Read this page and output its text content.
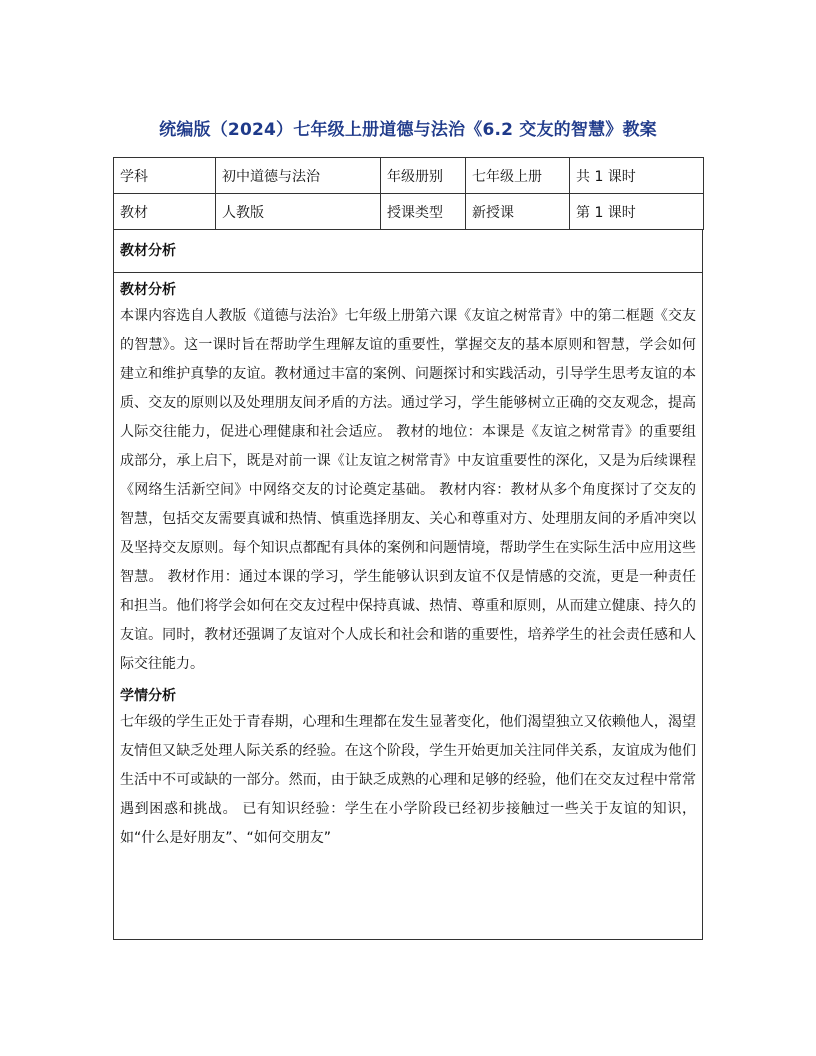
统编版（2024）七年级上册道德与法治《6.2 交友的智慧》教案
学科	初中道德与法治	年级册别	七年级上册	共 1 课时
教材	人教版	授课类型	新授课	第 1 课时
教材分析
教材分析
本课内容选自人教版《道德与法治》七年级上册第六课《友谊之树常青》中的第二框题《交友的智慧》。这一课时旨在帮助学生理解友谊的重要性，掌握交友的基本原则和智慧，学会如何建立和维护真挚的友谊。教材通过丰富的案例、问题探讨和实践活动，引导学生思考友谊的本质、交友的原则以及处理朋友间矛盾的方法。通过学习，学生能够树立正确的交友观念，提高人际交往能力，促进心理健康和社会适应。 教材的地位：本课是《友谊之树常青》的重要组成部分，承上启下，既是对前一课《让友谊之树常青》中友谊重要性的深化，又是为后续课程《网络生活新空间》中网络交友的讨论奠定基础。 教材内容：教材从多个角度探讨了交友的智慧，包括交友需要真诚和热情、慎重选择朋友、关心和尊重对方、处理朋友间的矛盾冲突以及坚持交友原则。每个知识点都配有具体的案例和问题情境，帮助学生在实际生活中应用这些智慧。 教材作用：通过本课的学习，学生能够认识到友谊不仅是情感的交流，更是一种责任和担当。他们将学会如何在交友过程中保持真诚、热情、尊重和原则，从而建立健康、持久的友谊。同时，教材还强调了友谊对个人成长和社会和谐的重要性，培养学生的社会责任感和人际交往能力。
学情分析
七年级的学生正处于青春期，心理和生理都在发生显著变化，他们渴望独立又依赖他人，渴望友情但又缺乏处理人际关系的经验。在这个阶段，学生开始更加关注同伴关系，友谊成为他们生活中不可或缺的一部分。然而，由于缺乏成熟的心理和足够的经验，他们在交友过程中常常遇到困惑和挑战。 已有知识经验：学生在小学阶段已经初步接触过一些关于友谊的知识，如“什么是好朋友”、“如何交朋友”
